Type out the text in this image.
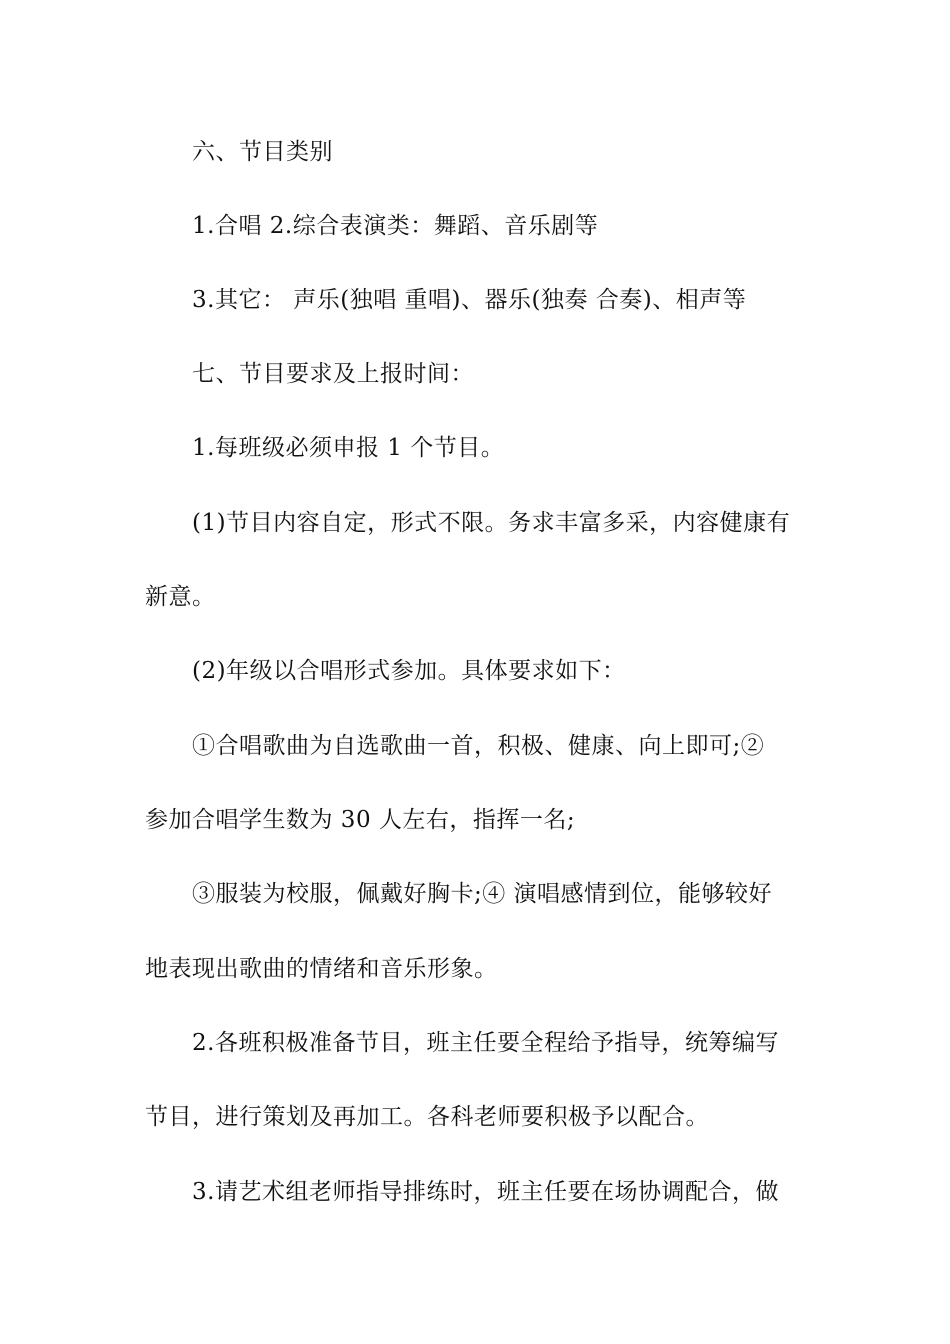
六、节目类别
1.合唱 2.综合表演类：舞蹈、音乐剧等
3.其它： 声乐(独唱 重唱)、器乐(独奏 合奏)、相声等
七、节目要求及上报时间：
1.每班级必须申报 1 个节目。
(1)节目内容自定，形式不限。务求丰富多采，内容健康有
新意。
(2)年级以合唱形式参加。具体要求如下：
①合唱歌曲为自选歌曲一首，积极、健康、向上即可;②
参加合唱学生数为 30 人左右，指挥一名;
③服装为校服，佩戴好胸卡;④ 演唱感情到位，能够较好
地表现出歌曲的情绪和音乐形象。
2.各班积极准备节目，班主任要全程给予指导，统筹编写
节目，进行策划及再加工。各科老师要积极予以配合。
3.请艺术组老师指导排练时，班主任要在场协调配合，做
